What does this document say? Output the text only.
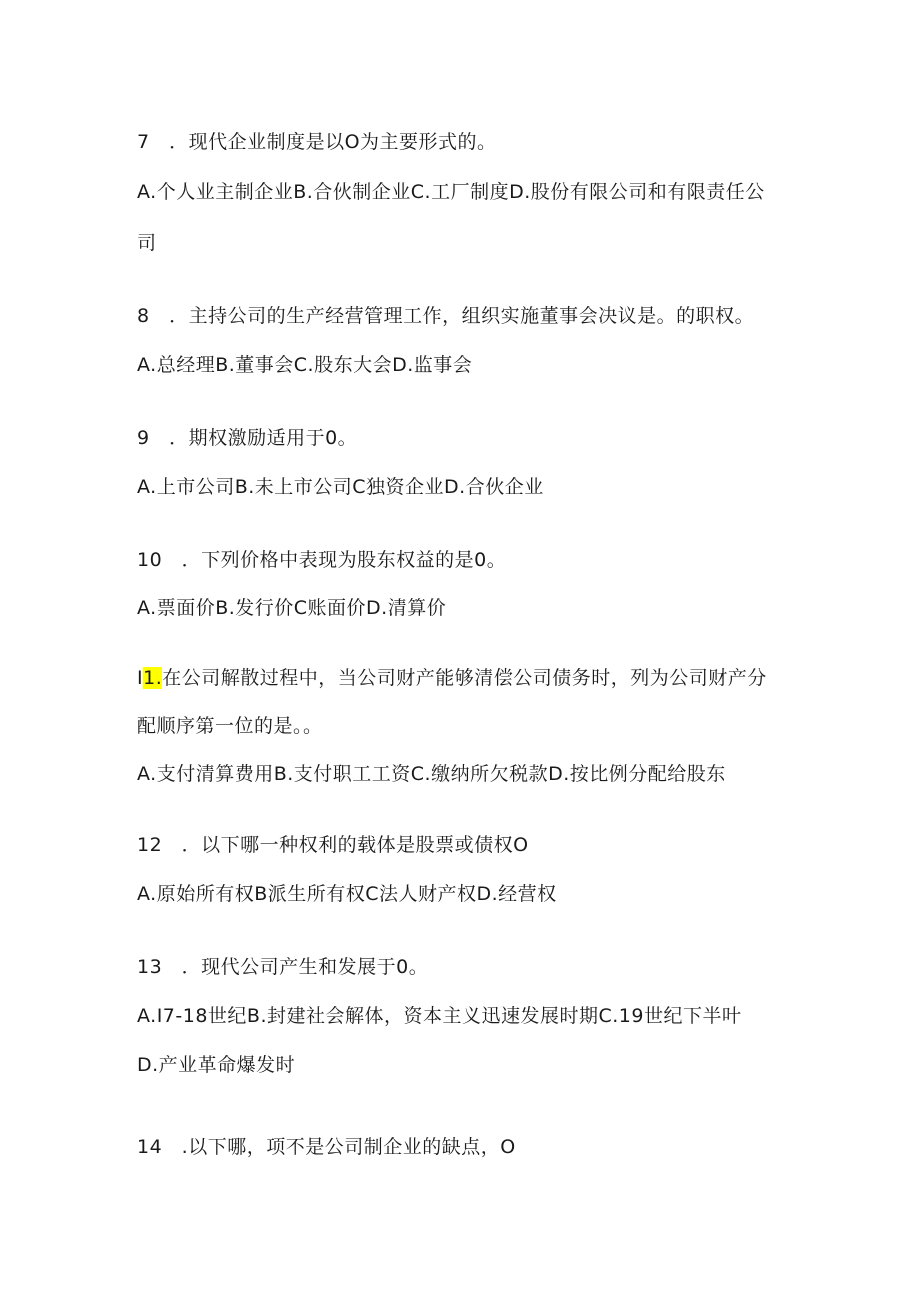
7　．现代企业制度是以O为主要形式的。
A.个人业主制企业B.合伙制企业C.工厂制度D.股份有限公司和有限责任公
司
8　．主持公司的生产经营管理工作，组织实施董事会决议是。的职权。
A.总经理B.董事会C.股东大会D.监事会
9　．期权激励适用于0。
A.上市公司B.未上市公司C独资企业D.合伙企业
10　．下列价格中表现为股东权益的是0。
A.票面价B.发行价C账面价D.清算价
I1.在公司解散过程中，当公司财产能够清偿公司债务时，列为公司财产分
配顺序第一位的是。。
A.支付清算费用B.支付职工工资C.缴纳所欠税款D.按比例分配给股东
12　．以下哪一种权利的载体是股票或债权O
A.原始所有权B派生所有权C法人财产权D.经营权
13　．现代公司产生和发展于0。
A.I7-18世纪B.封建社会解体，资本主义迅速发展时期C.19世纪下半叶
D.产业革命爆发时
14　.以下哪，项不是公司制企业的缺点，O
